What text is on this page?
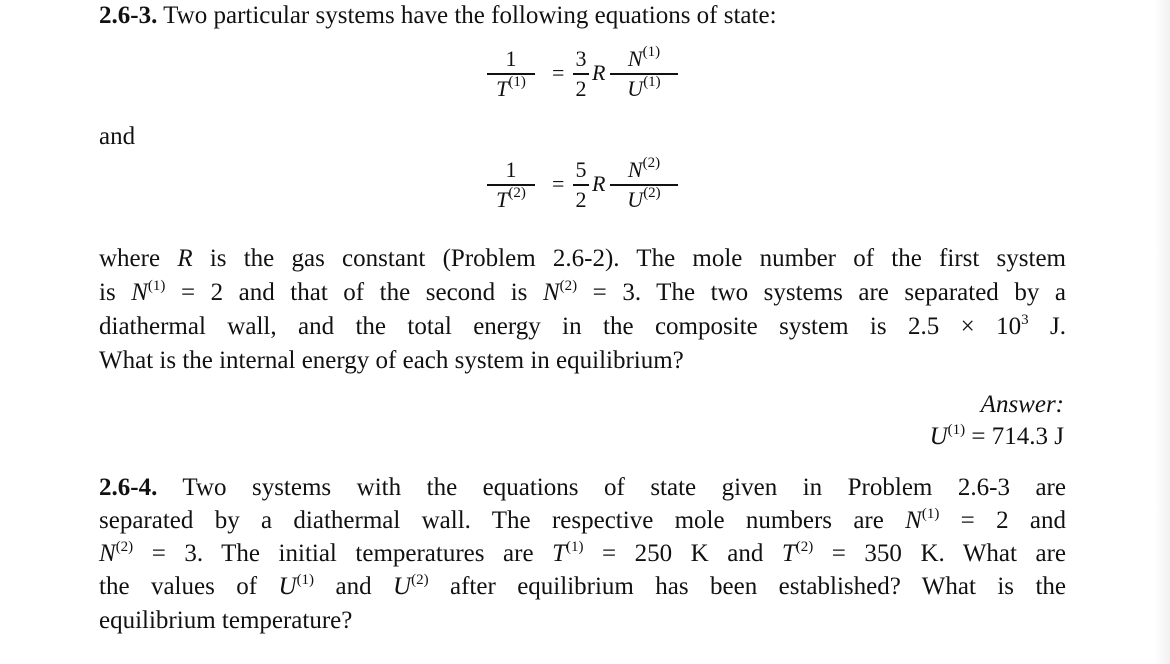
2.6-3. Two particular systems have the following equations of state:
1
$T^{(1)}$	=
3
2
R
$N^{(1)}$
$U^{(1)}$
and
1
$T^{(2)}$	=
5
2
R
$N^{(2)}$
$U^{(2)}$
where R is the gas constant (Problem 2.6-2). The mole number of the first system
is $N^{(1)} = 2$ and that of the second is $N^{(2)} = 3$. The two systems are separated by a
diathermal wall, and the total energy in the composite system is $2.5 \times 10^3$ J.
What is the internal energy of each system in equilibrium?
Answer:
$U^{(1)} = 714.3$ J
2.6-4. Two systems with the equations of state given in Problem 2.6-3 are
separated by a diathermal wall. The respective mole numbers are $N^{(1)} = 2$ and
$N^{(2)} = 3$. The initial temperatures are $T^{(1)} = 250$ K and $T^{(2)} = 350$ K. What are
the values of $U^{(1)}$ and $U^{(2)}$ after equilibrium has been established? What is the
equilibrium temperature?
